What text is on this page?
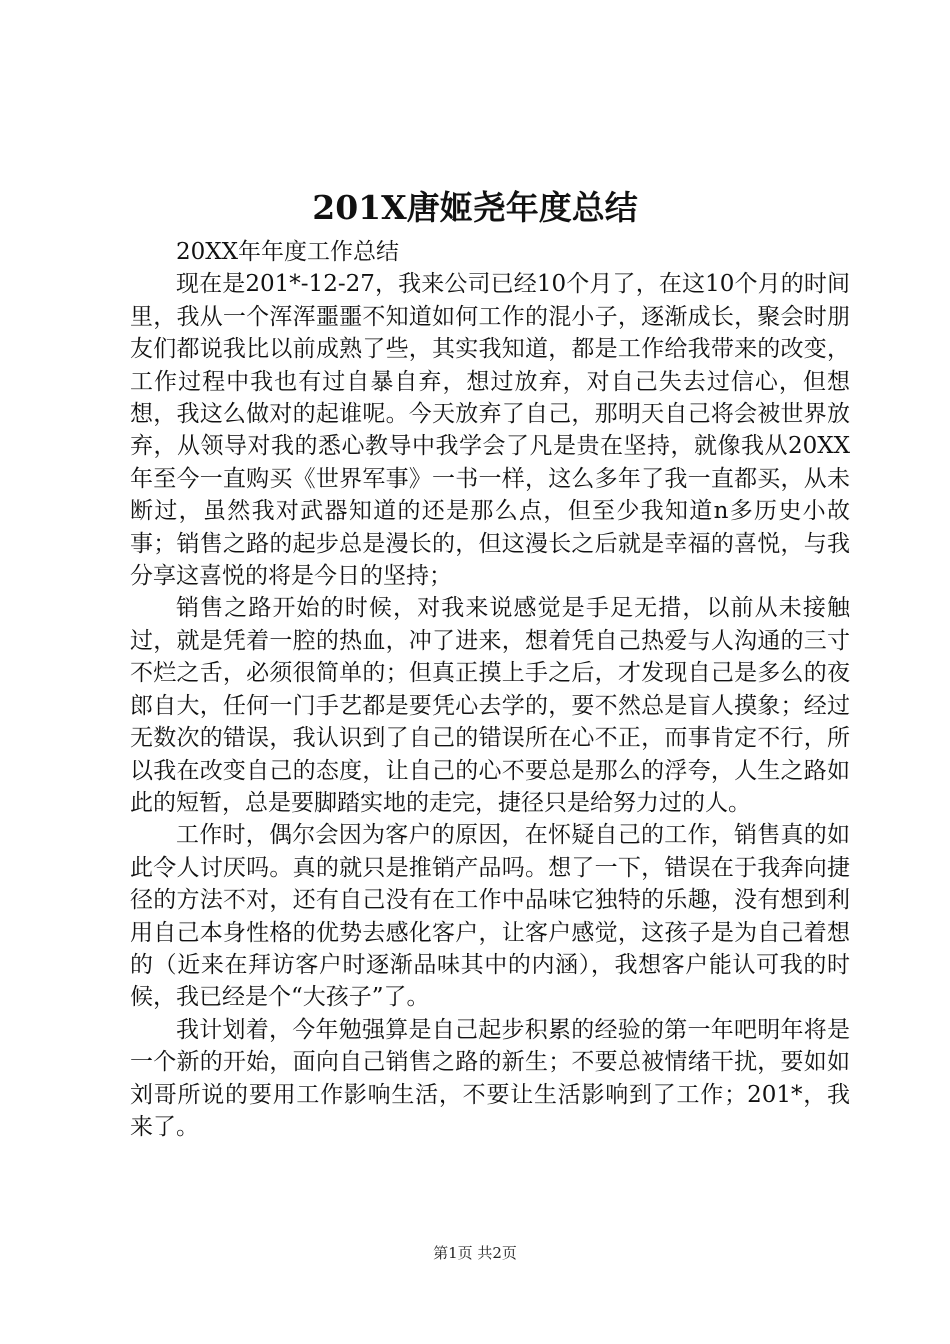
201X唐姬尧年度总结

20XX年年度工作总结

现在是201*-12-27，我来公司已经10个月了，在这10个月的时间里，我从一个浑浑噩噩不知道如何工作的混小子，逐渐成长，聚会时朋友们都说我比以前成熟了些，其实我知道，都是工作给我带来的改变，工作过程中我也有过自暴自弃，想过放弃，对自己失去过信心，但想想，我这么做对的起谁呢。今天放弃了自己，那明天自己将会被世界放弃，从领导对我的悉心教导中我学会了凡是贵在坚持，就像我从20XX年至今一直购买《世界军事》一书一样，这么多年了我一直都买，从未断过，虽然我对武器知道的还是那么点，但至少我知道n多历史小故事；销售之路的起步总是漫长的，但这漫长之后就是幸福的喜悦，与我分享这喜悦的将是今日的坚持；

销售之路开始的时候，对我来说感觉是手足无措，以前从未接触过，就是凭着一腔的热血，冲了进来，想着凭自己热爱与人沟通的三寸不烂之舌，必须很简单的；但真正摸上手之后，才发现自己是多么的夜郎自大，任何一门手艺都是要凭心去学的，要不然总是盲人摸象；经过无数次的错误，我认识到了自己的错误所在心不正，而事肯定不行，所以我在改变自己的态度，让自己的心不要总是那么的浮夸，人生之路如此的短暂，总是要脚踏实地的走完，捷径只是给努力过的人。

工作时，偶尔会因为客户的原因，在怀疑自己的工作，销售真的如此令人讨厌吗。真的就只是推销产品吗。想了一下，错误在于我奔向捷径的方法不对，还有自己没有在工作中品味它独特的乐趣，没有想到利用自己本身性格的优势去感化客户，让客户感觉，这孩子是为自己着想的（近来在拜访客户时逐渐品味其中的内涵），我想客户能认可我的时候，我已经是个“大孩子”了。

我计划着，今年勉强算是自己起步积累的经验的第一年吧明年将是一个新的开始，面向自己销售之路的新生；不要总被情绪干扰，要如如刘哥所说的要用工作影响生活，不要让生活影响到了工作；201*，我来了。

第1页 共2页
